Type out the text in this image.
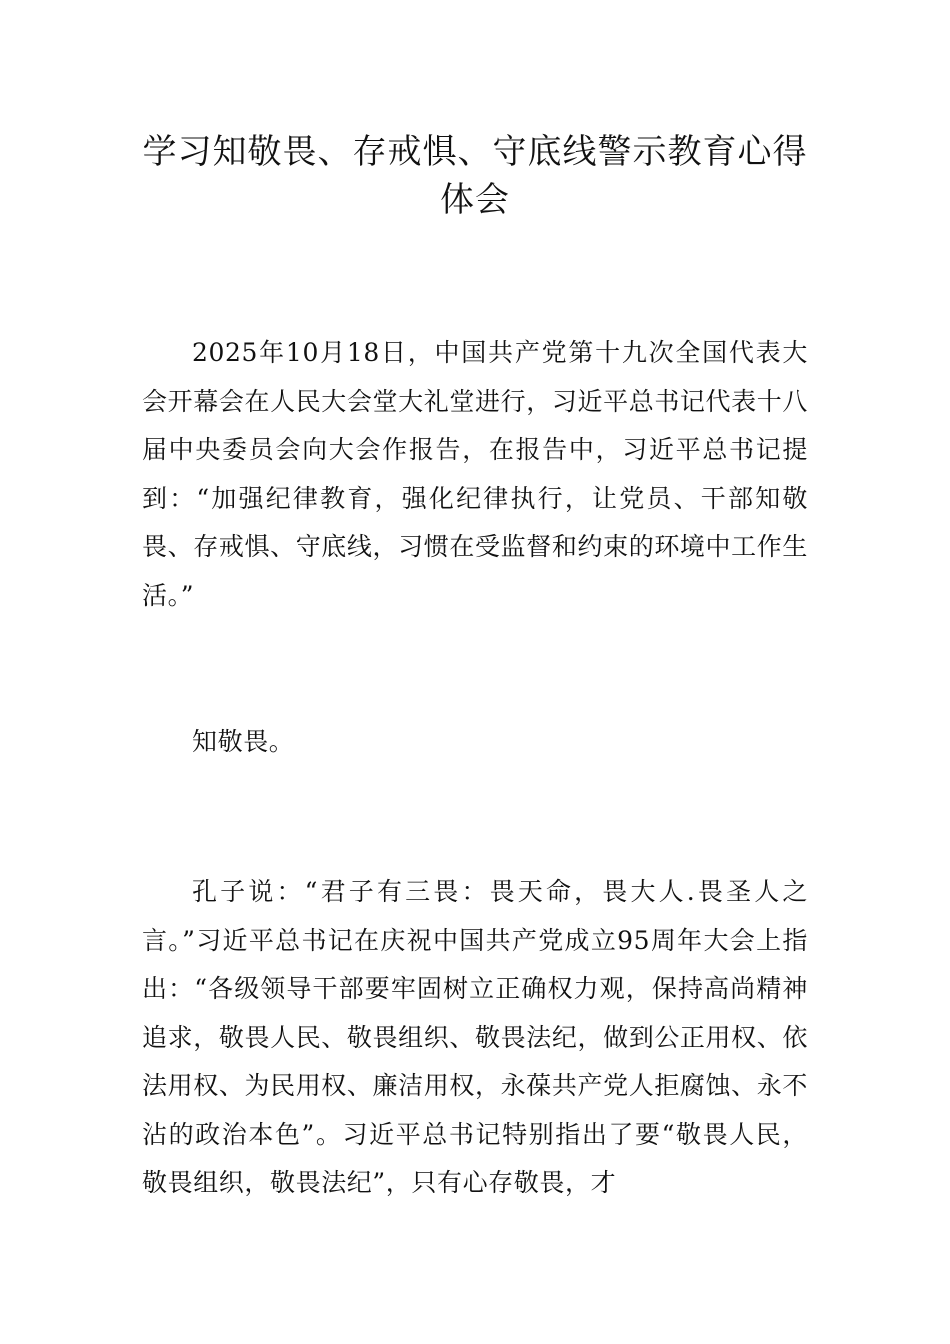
学习知敬畏、存戒惧、守底线警示教育心得体会

2025年10月18日，中国共产党第十九次全国代表大会开幕会在人民大会堂大礼堂进行，习近平总书记代表十八届中央委员会向大会作报告，在报告中，习近平总书记提到：“加强纪律教育，强化纪律执行，让党员、干部知敬畏、存戒惧、守底线，习惯在受监督和约束的环境中工作生活。”

知敬畏。

孔子说：“君子有三畏：畏天命，畏大人.畏圣人之言。”习近平总书记在庆祝中国共产党成立95周年大会上指出：“各级领导干部要牢固树立正确权力观，保持高尚精神追求，敬畏人民、敬畏组织、敬畏法纪，做到公正用权、依法用权、为民用权、廉洁用权，永葆共产党人拒腐蚀、永不沾的政治本色”。习近平总书记特别指出了要“敬畏人民，敬畏组织，敬畏法纪”，只有心存敬畏，才
